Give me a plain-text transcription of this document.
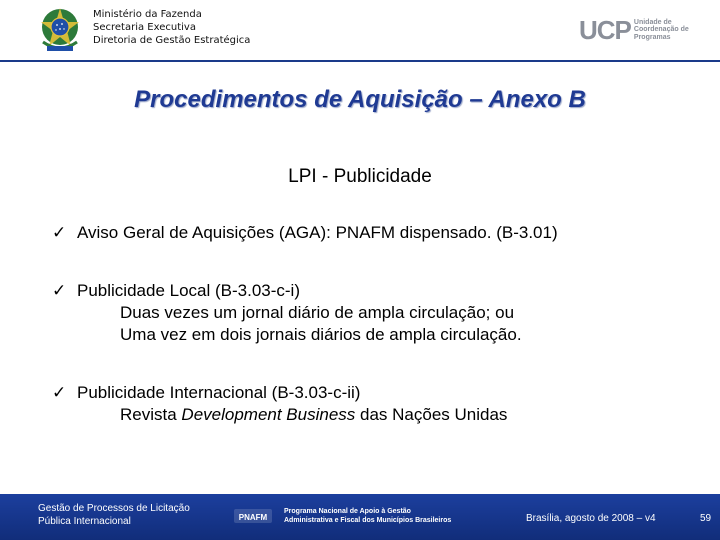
Ministério da Fazenda
Secretaria Executiva
Diretoria de Gestão Estratégica	UCP Unidade de
Coordenação de
Programas
Procedimentos de Aquisição – Anexo B
LPI - Publicidade
✓ Aviso Geral de Aquisições (AGA): PNAFM dispensado. (B-3.01)
✓ Publicidade Local (B-3.03-c-i)
Duas vezes um jornal diário de ampla circulação; ou
Uma vez em dois jornais diários de ampla circulação.
✓ Publicidade Internacional (B-3.03-c-ii)
Revista Development Business das Nações Unidas
Gestão de Processos de Licitação
Pública Internacional	PNAFM
Programa Nacional de Apoio à Gestão
Administrativa e Fiscal dos Municípios Brasileiros	Brasília, agosto de 2008 – v4	59
